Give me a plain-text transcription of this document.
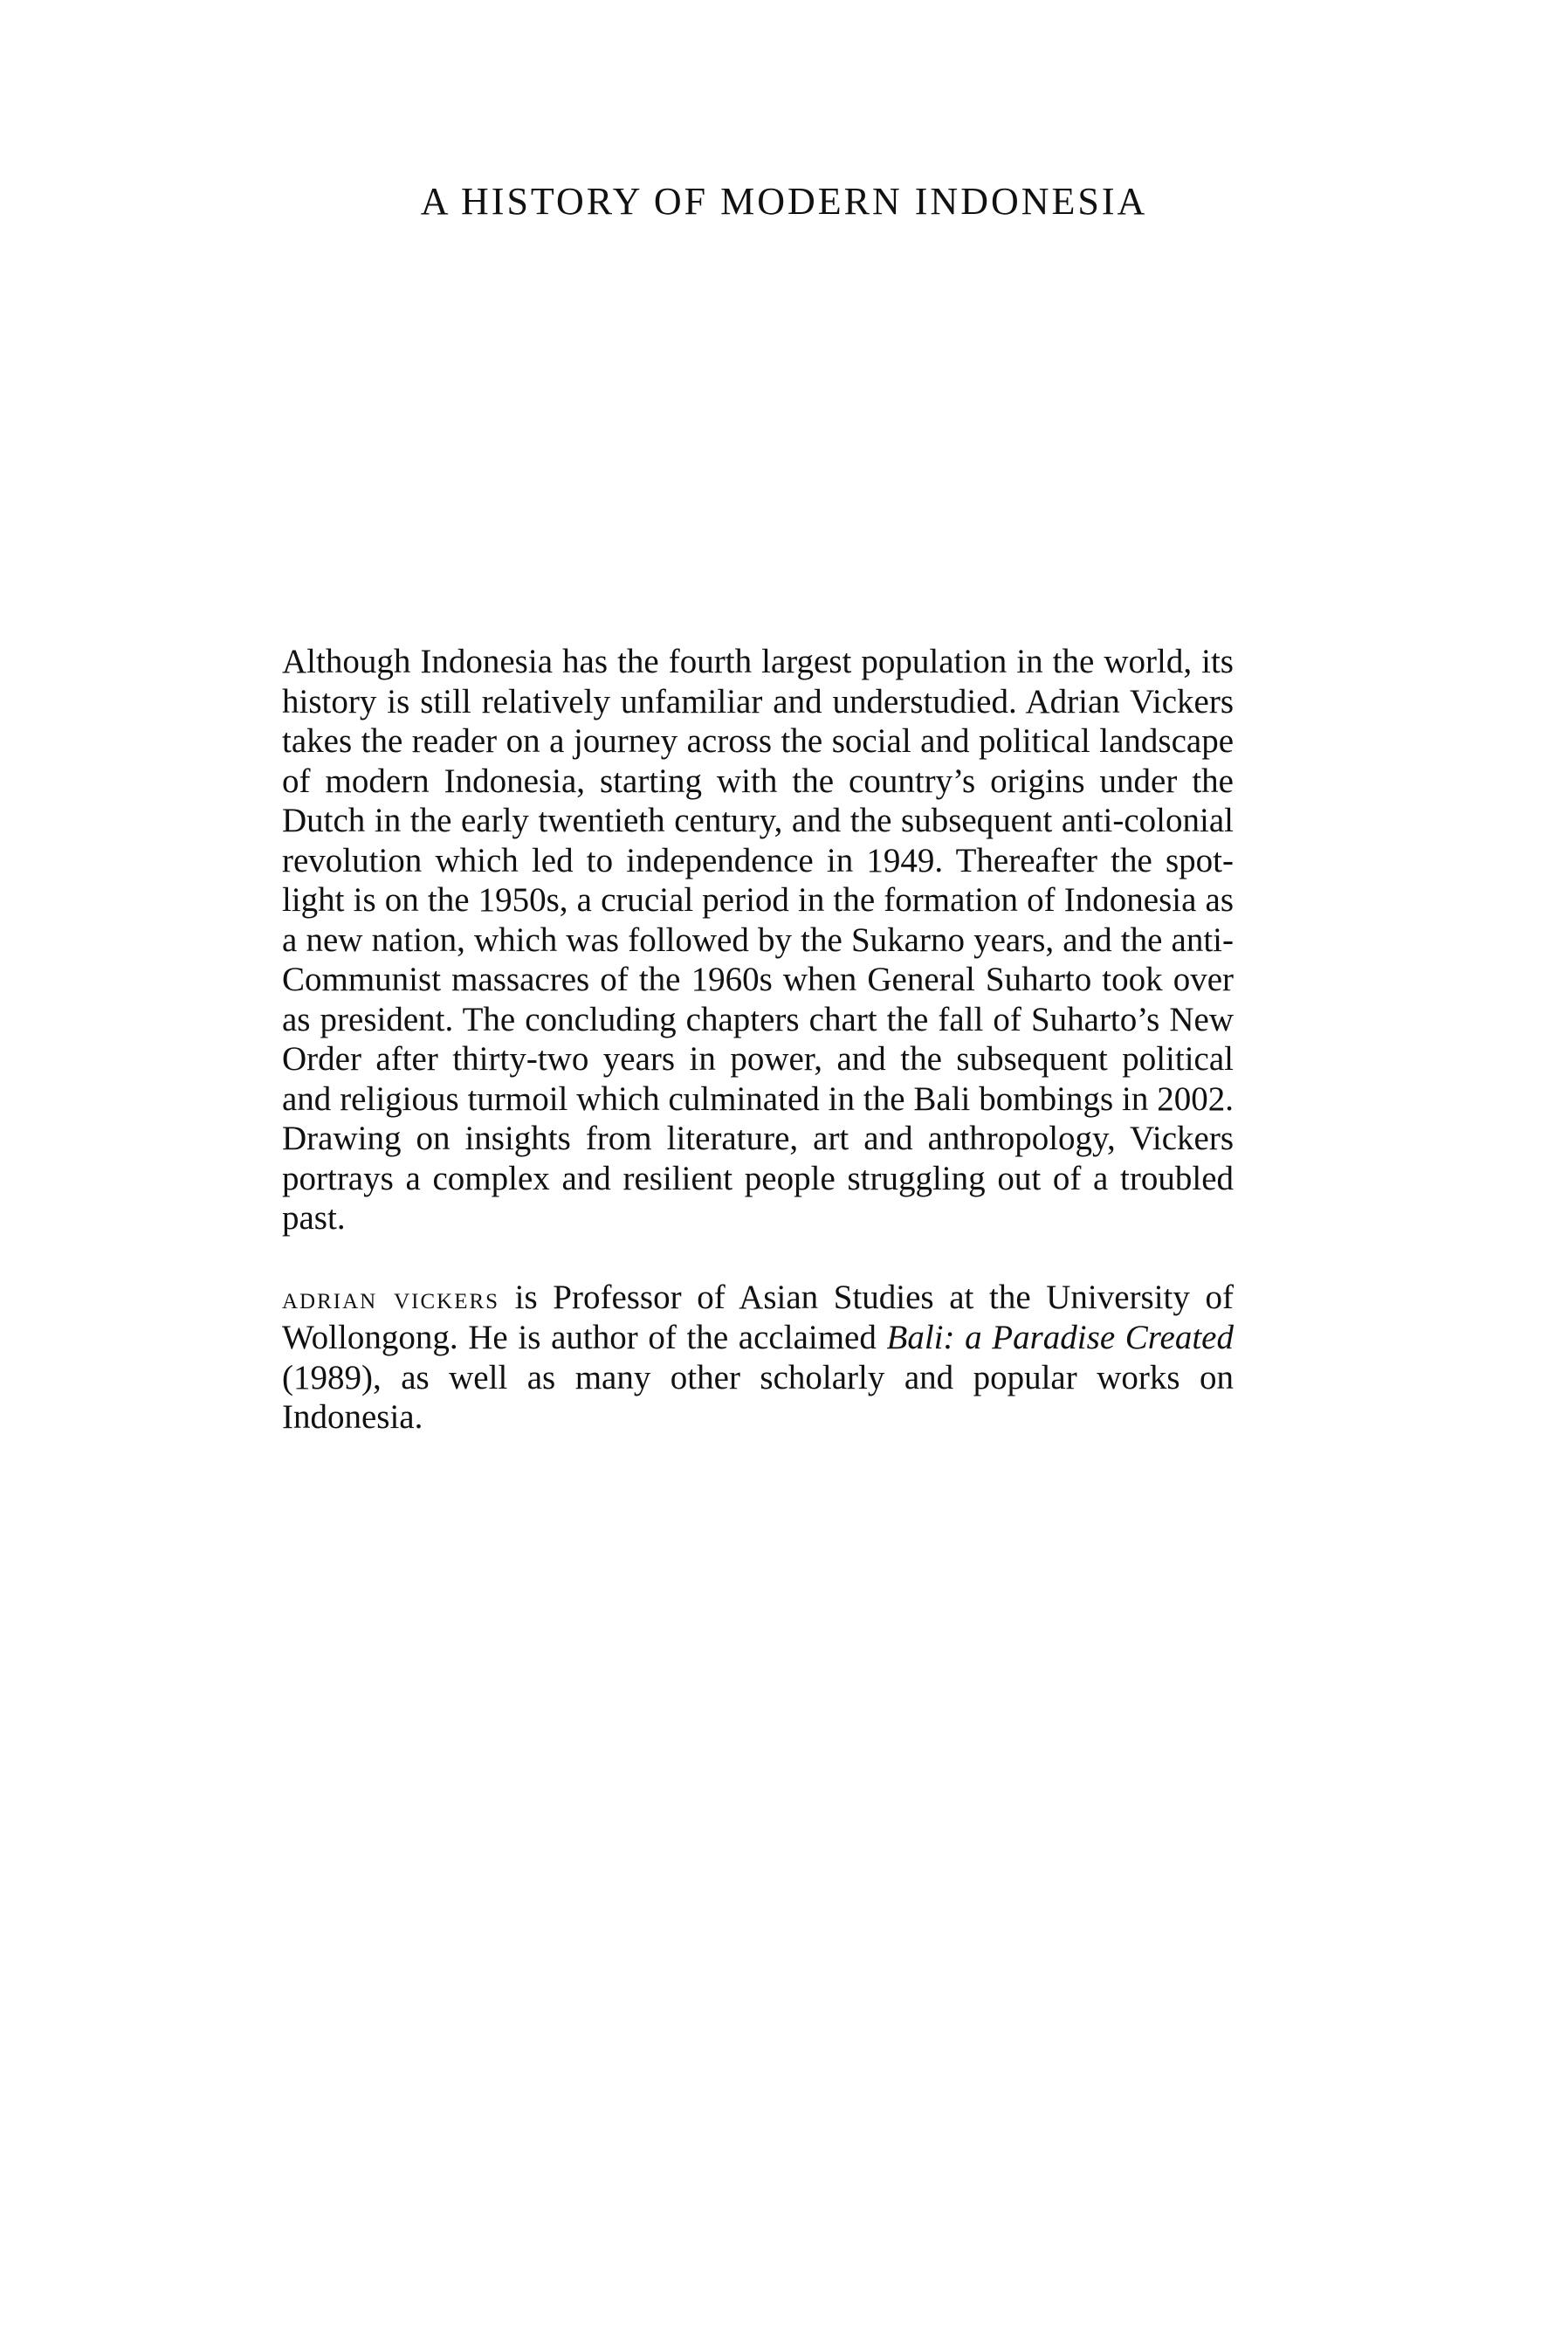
A HISTORY OF MODERN INDONESIA

Although Indonesia has the fourth largest population in the world, its history is still relatively unfamiliar and understudied. Adrian Vickers takes the reader on a journey across the social and political landscape of modern Indonesia, starting with the country’s origins under the Dutch in the early twentieth century, and the subsequent anti-colonial revolution which led to independence in 1949. Thereafter the spotlight is on the 1950s, a crucial period in the formation of Indonesia as a new nation, which was followed by the Sukarno years, and the anti-Communist massacres of the 1960s when General Suharto took over as president. The concluding chapters chart the fall of Suharto’s New Order after thirty-two years in power, and the subsequent political and religious turmoil which culminated in the Bali bombings in 2002. Drawing on insights from literature, art and anthropology, Vickers portrays a complex and resilient people struggling out of a troubled past.

adrian vickers is Professor of Asian Studies at the University of Wollongong. He is author of the acclaimed Bali: a Paradise Created (1989), as well as many other scholarly and popular works on Indonesia.
